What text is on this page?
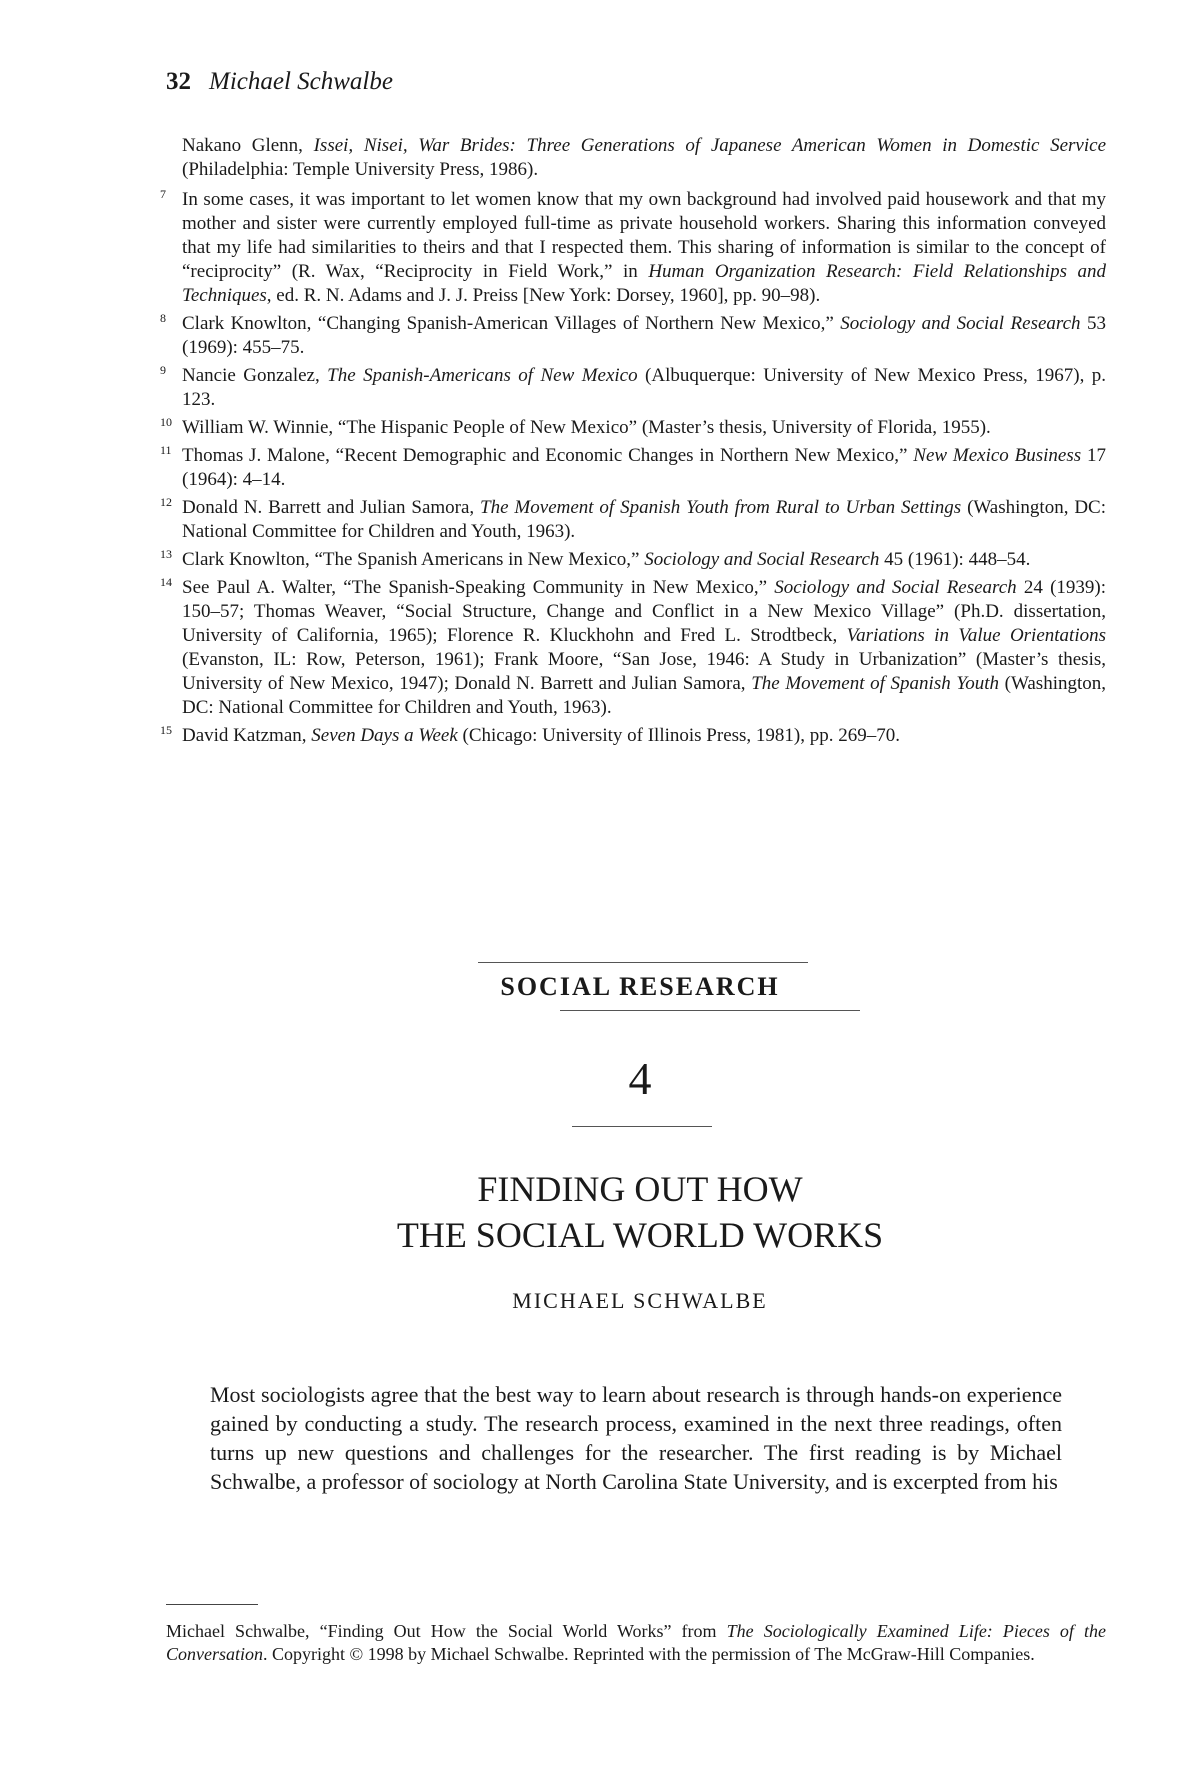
32 Michael Schwalbe
Nakano Glenn, Issei, Nisei, War Brides: Three Generations of Japanese American Women in Domestic Service (Philadelphia: Temple University Press, 1986).
7 In some cases, it was important to let women know that my own background had involved paid housework and that my mother and sister were currently employed full-time as private household workers. Sharing this information conveyed that my life had similarities to theirs and that I respected them. This sharing of information is similar to the concept of “reciprocity” (R. Wax, “Reciprocity in Field Work,” in Human Organization Research: Field Relationships and Techniques, ed. R. N. Adams and J. J. Preiss [New York: Dorsey, 1960], pp. 90–98).
8 Clark Knowlton, “Changing Spanish-American Villages of Northern New Mexico,” Sociology and Social Research 53 (1969): 455–75.
9 Nancie Gonzalez, The Spanish-Americans of New Mexico (Albuquerque: University of New Mexico Press, 1967), p. 123.
10 William W. Winnie, “The Hispanic People of New Mexico” (Master’s thesis, University of Florida, 1955).
11 Thomas J. Malone, “Recent Demographic and Economic Changes in Northern New Mexico,” New Mexico Business 17 (1964): 4–14.
12 Donald N. Barrett and Julian Samora, The Movement of Spanish Youth from Rural to Urban Settings (Washington, DC: National Committee for Children and Youth, 1963).
13 Clark Knowlton, “The Spanish Americans in New Mexico,” Sociology and Social Research 45 (1961): 448–54.
14 See Paul A. Walter, “The Spanish-Speaking Community in New Mexico,” Sociology and Social Research 24 (1939): 150–57; Thomas Weaver, “Social Structure, Change and Conflict in a New Mexico Village” (Ph.D. dissertation, University of California, 1965); Florence R. Kluckhohn and Fred L. Strodtbeck, Variations in Value Orientations (Evanston, IL: Row, Peterson, 1961); Frank Moore, “San Jose, 1946: A Study in Urbanization” (Master’s thesis, University of New Mexico, 1947); Donald N. Barrett and Julian Samora, The Movement of Spanish Youth (Washington, DC: National Committee for Children and Youth, 1963).
15 David Katzman, Seven Days a Week (Chicago: University of Illinois Press, 1981), pp. 269–70.
SOCIAL RESEARCH
4
FINDING OUT HOW
THE SOCIAL WORLD WORKS
MICHAEL SCHWALBE
Most sociologists agree that the best way to learn about research is through hands-on experience gained by conducting a study. The research process, examined in the next three readings, often turns up new questions and challenges for the researcher. The first reading is by Michael Schwalbe, a professor of sociology at North Carolina State University, and is excerpted from his
Michael Schwalbe, “Finding Out How the Social World Works” from The Sociologically Examined Life: Pieces of the Conversation. Copyright © 1998 by Michael Schwalbe. Reprinted with the permission of The McGraw-Hill Companies.
